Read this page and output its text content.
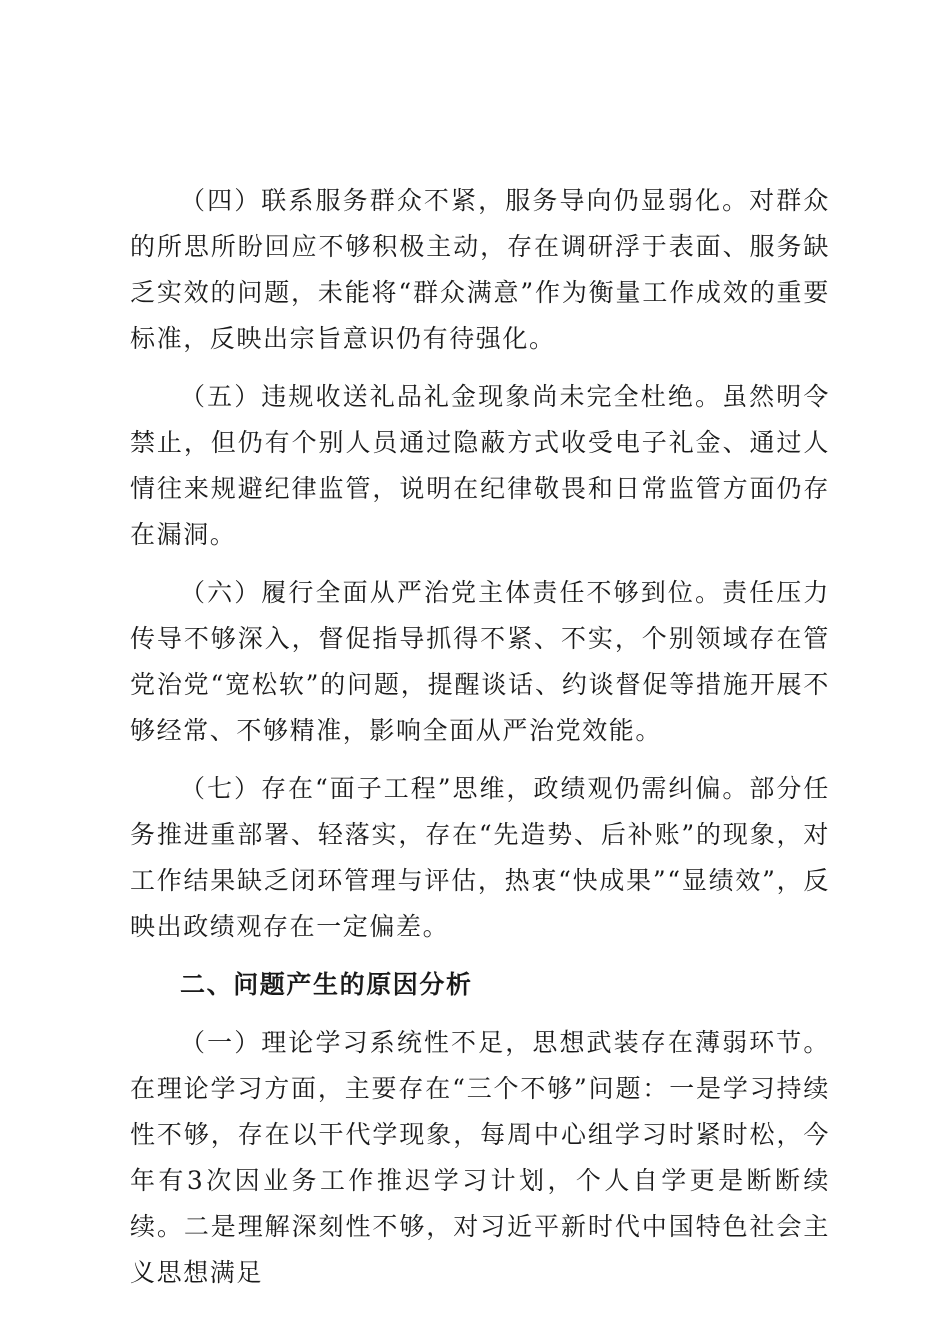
（四）联系服务群众不紧，服务导向仍显弱化。对群众的所思所盼回应不够积极主动，存在调研浮于表面、服务缺乏实效的问题，未能将“群众满意”作为衡量工作成效的重要标准，反映出宗旨意识仍有待强化。

（五）违规收送礼品礼金现象尚未完全杜绝。虽然明令禁止，但仍有个别人员通过隐蔽方式收受电子礼金、通过人情往来规避纪律监管，说明在纪律敬畏和日常监管方面仍存在漏洞。

（六）履行全面从严治党主体责任不够到位。责任压力传导不够深入，督促指导抓得不紧、不实，个别领域存在管党治党“宽松软”的问题，提醒谈话、约谈督促等措施开展不够经常、不够精准，影响全面从严治党效能。

（七）存在“面子工程”思维，政绩观仍需纠偏。部分任务推进重部署、轻落实，存在“先造势、后补账”的现象，对工作结果缺乏闭环管理与评估，热衷“快成果”“显绩效”，反映出政绩观存在一定偏差。

二、问题产生的原因分析

（一）理论学习系统性不足，思想武装存在薄弱环节。在理论学习方面，主要存在“三个不够”问题：一是学习持续性不够，存在以干代学现象，每周中心组学习时紧时松，今年有3次因业务工作推迟学习计划，个人自学更是断断续续。二是理解深刻性不够，对习近平新时代中国特色社会主义思想满足
